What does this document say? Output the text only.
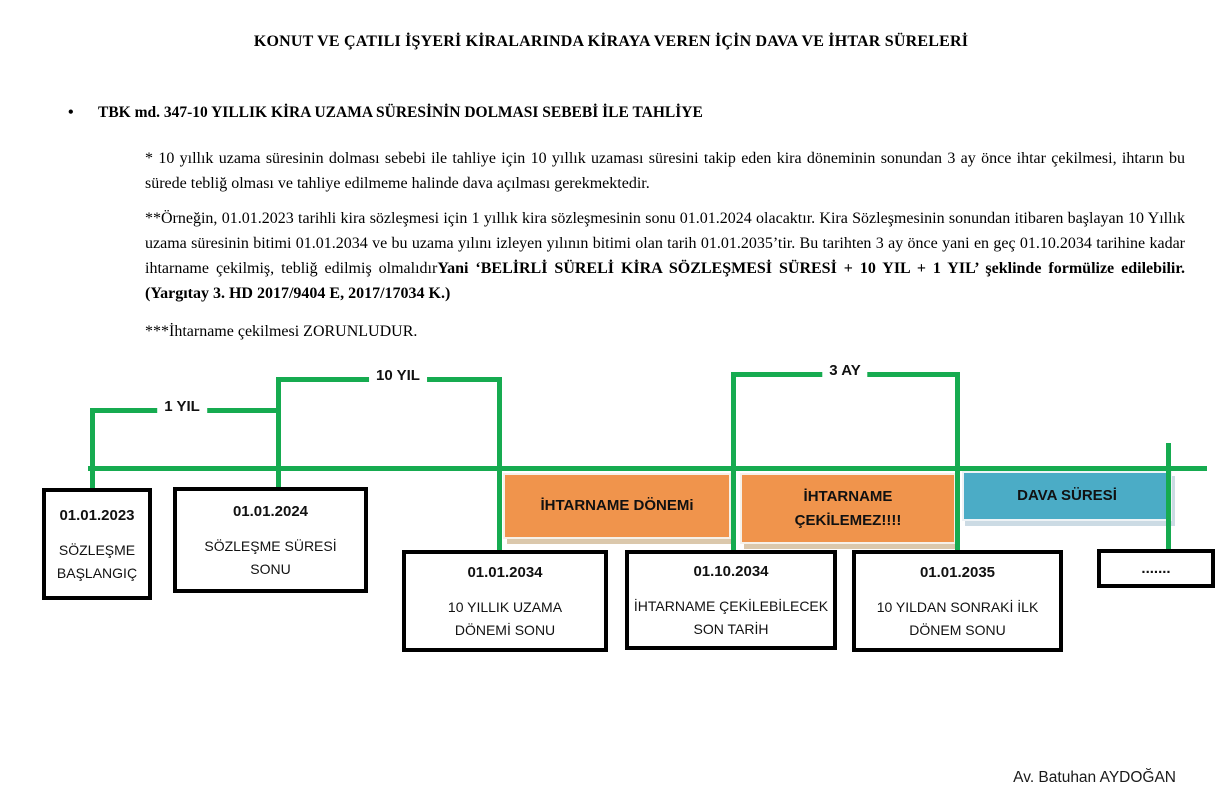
KONUT VE ÇATILI İŞYERİ KİRALARINDA KİRAYA VEREN İÇİN DAVA VE İHTAR SÜRELERİ
•	TBK md. 347-10 YILLIK KİRA UZAMA SÜRESİNİN DOLMASI SEBEBİ İLE TAHLİYE

* 10 yıllık uzama süresinin dolması sebebi ile tahliye için 10 yıllık uzaması süresini takip eden kira döneminin sonundan 3 ay önce ihtar çekilmesi, ihtarın bu sürede tebliğ olması ve tahliye edilmeme halinde dava açılması gerekmektedir.

**Örneğin, 01.01.2023 tarihli kira sözleşmesi için 1 yıllık kira sözleşmesinin sonu 01.01.2024 olacaktır. Kira Sözleşmesinin sonundan itibaren başlayan 10 Yıllık uzama süresinin bitimi 01.01.2034 ve bu uzama yılını izleyen yılının bitimi olan tarih 01.01.2035’tir. Bu tarihten 3 ay önce yani en geç 01.10.2034 tarihine kadar ihtarname çekilmiş, tebliğ edilmiş olmalıdırYani ‘BELİRLİ SÜRELİ KİRA SÖZLEŞMESİ SÜRESİ + 10 YIL + 1 YIL’ şeklinde formülize edilebilir. (Yargıtay 3. HD 2017/9404 E, 2017/17034 K.)

***İhtarname çekilmesi ZORUNLUDUR.

Av. Batuhan AYDOĞAN
İHTARNAME DÖNEMi
İHTARNAME
ÇEKİLEMEZ!!!!
DAVA SÜRESİ
1 YIL
10 YIL	3 AY
01.01.2023
SÖZLEŞME
BAŞLANGIÇ
01.01.2024
SÖZLEŞME SÜRESİ
SONU	01.01.2034
10 YILLIK UZAMA
DÖNEMİ SONU
01.10.2034
İHTARNAME ÇEKİLEBİLECEK
SON TARİH
01.01.2035
10 YILDAN SONRAKİ İLK
DÖNEM SONU
.......
